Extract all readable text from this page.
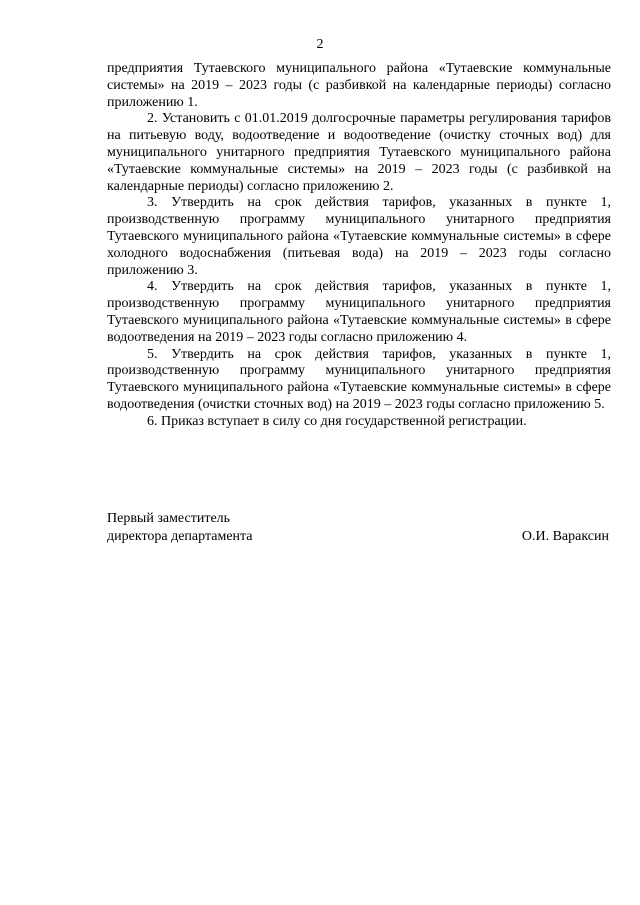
2

предприятия Тутаевского муниципального района «Тутаевские коммунальные системы» на 2019 – 2023 годы (с разбивкой на календарные периоды) согласно приложению 1.

2. Установить с 01.01.2019 долгосрочные параметры регулирования тарифов на питьевую воду, водоотведение и водоотведение (очистку сточных вод) для муниципального унитарного предприятия Тутаевского муниципального района «Тутаевские коммунальные системы» на 2019 – 2023 годы (с разбивкой на календарные периоды) согласно приложению 2.

3. Утвердить на срок действия тарифов, указанных в пункте 1, производственную программу муниципального унитарного предприятия Тутаевского муниципального района «Тутаевские коммунальные системы» в сфере холодного водоснабжения (питьевая вода) на 2019 – 2023 годы согласно приложению 3.

4. Утвердить на срок действия тарифов, указанных в пункте 1, производственную программу муниципального унитарного предприятия Тутаевского муниципального района «Тутаевские коммунальные системы» в сфере водоотведения на 2019 – 2023 годы согласно приложению 4.

5. Утвердить на срок действия тарифов, указанных в пункте 1, производственную программу муниципального унитарного предприятия Тутаевского муниципального района «Тутаевские коммунальные системы» в сфере водоотведения (очистки сточных вод) на 2019 – 2023 годы согласно приложению 5.

6. Приказ вступает в силу со дня государственной регистрации.

Первый заместитель
директора департамента	О.И. Вараксин
